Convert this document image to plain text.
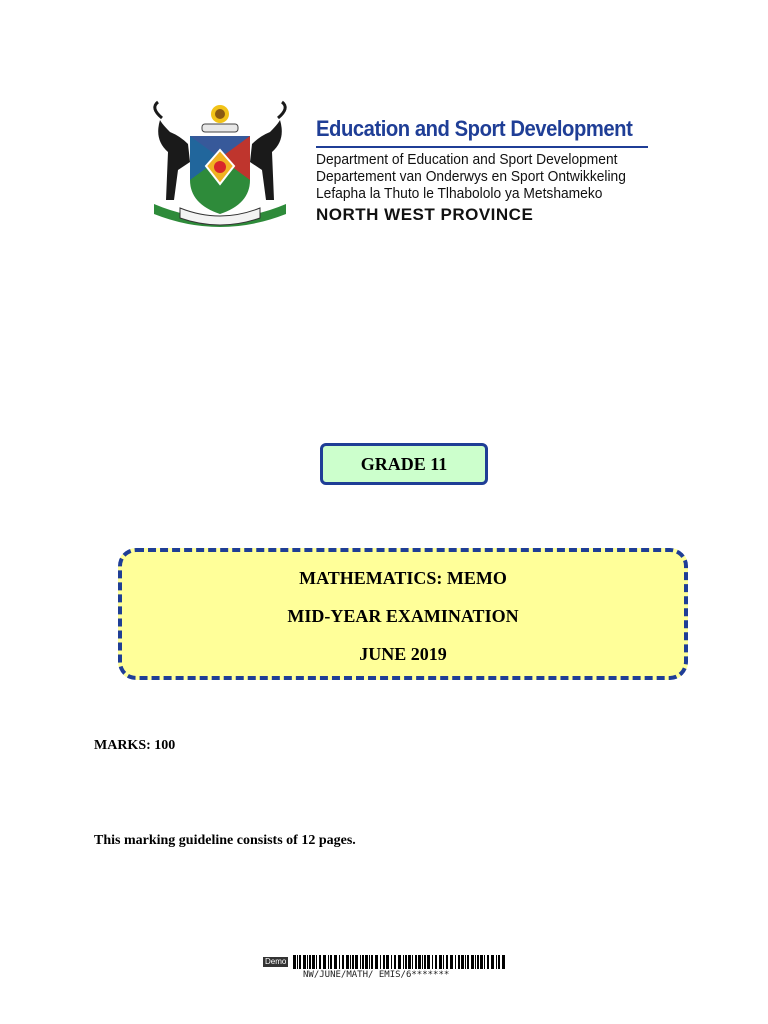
Education and Sport Development
Department of Education and Sport Development
Departement van Onderwys en Sport Ontwikkeling
Lefapha la Thuto le Tlhabololo ya Metshameko
NORTH WEST PROVINCE
GRADE 11
MATHEMATICS: MEMO
MID-YEAR EXAMINATION
JUNE 2019
MARKS: 100
This marking guideline consists of 12 pages.
Demo
NW/JUNE/MATH/ EMIS/6*******
